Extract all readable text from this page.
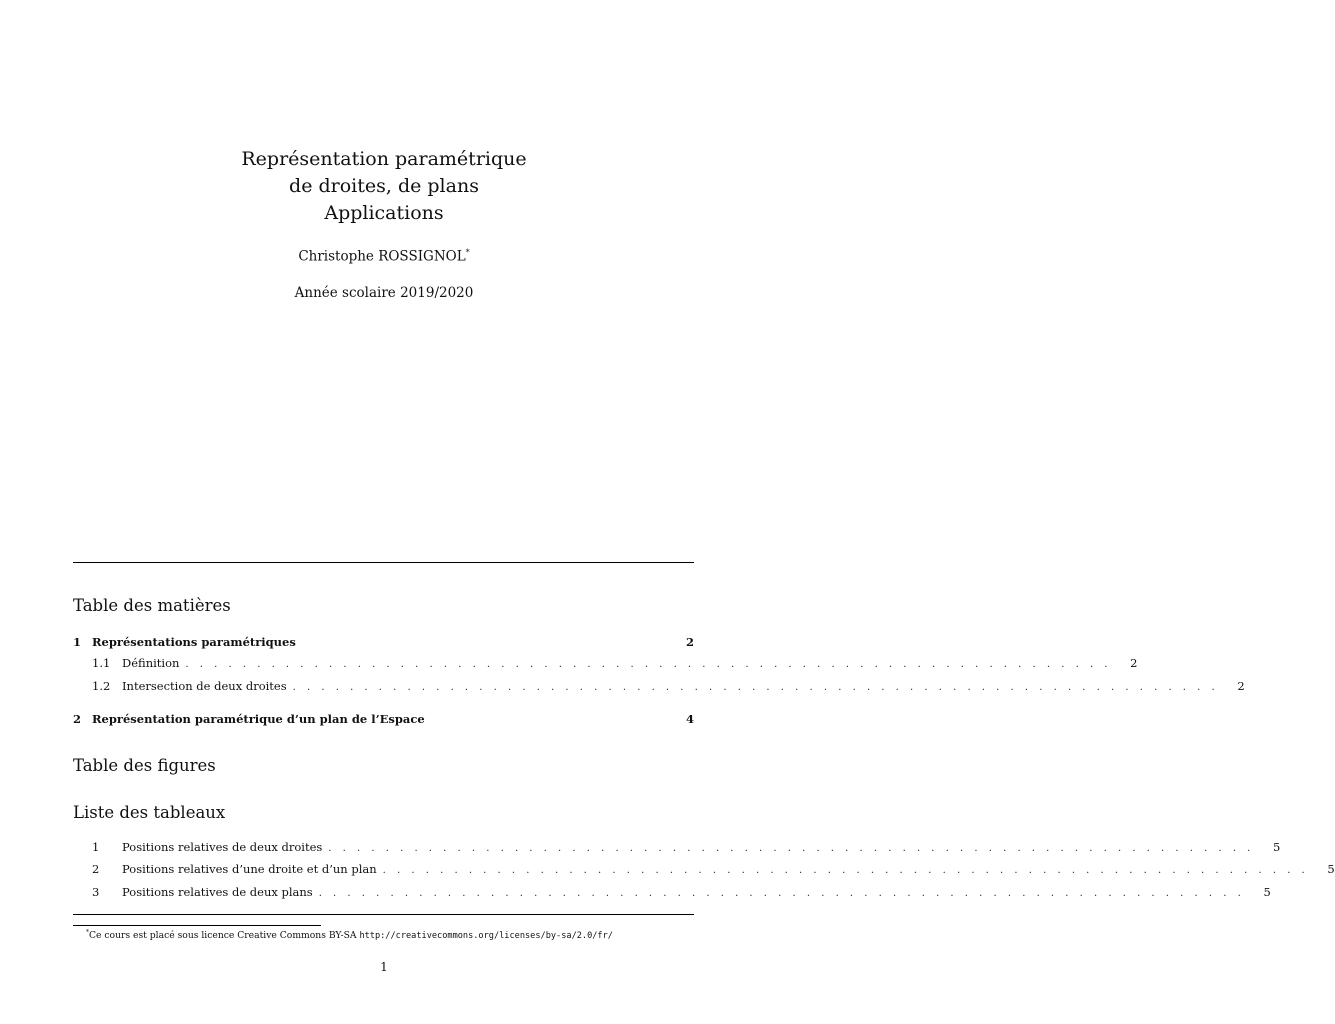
Représentation paramétrique
de droites, de plans
Applications
Christophe ROSSIGNOL*
Année scolaire 2019/2020
Table des matières
1 Représentations paramétriques	2
1.1	Définition . . . . . . . . . . . . . . . . . . . . . . . . . . . . . . . . . . . . . . . . . . . . . . . . . . . . . . . . . . . . . . . . .	2
1.2	Intersection de deux droites . . . . . . . . . . . . . . . . . . . . . . . . . . . . . . . . . . . . . . . . . . . . . . . . . . . . . . . . . . . . . . . . .	2
2 Représentation paramétrique d’un plan de l’Espace	4
Table des figures
Liste des tableaux
1	Positions relatives de deux droites . . . . . . . . . . . . . . . . . . . . . . . . . . . . . . . . . . . . . . . . . . . . . . . . . . . . . . . . . . . . . . . . .	5
2	Positions relatives d’une droite et d’un plan . . . . . . . . . . . . . . . . . . . . . . . . . . . . . . . . . . . . . . . . . . . . . . . . . . . . . . . . . . . . . . . . .	5
3	Positions relatives de deux plans . . . . . . . . . . . . . . . . . . . . . . . . . . . . . . . . . . . . . . . . . . . . . . . . . . . . . . . . . . . . . . . . .	5
*Ce cours est placé sous licence Creative Commons BY-SA http://creativecommons.org/licenses/by-sa/2.0/fr/
1
